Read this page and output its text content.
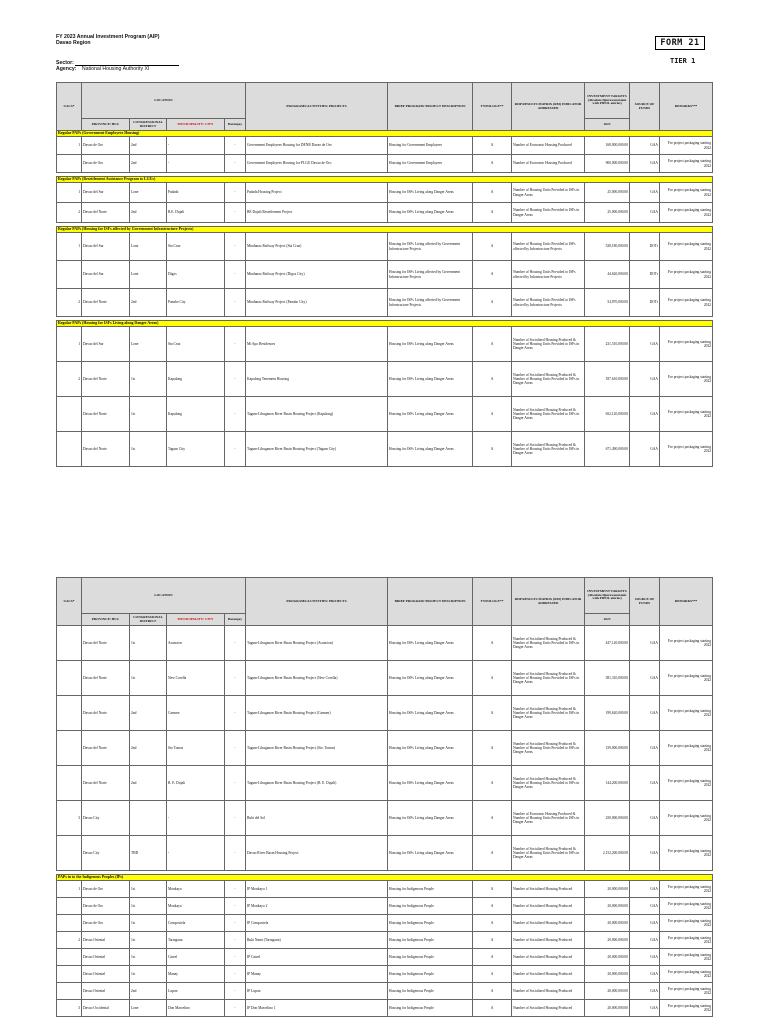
FY 2023 Annual Investment Program (AIP)
Davao Region
Sector:
Agency: National Housing Authority XI
FORM 21
TIER 1
UACS*	LOCATION				PROGRAMS/ACTIVITIES/ PROJECTS	BRIEF PROGRAM/ PROJECT DESCRIPTION	TYPOLOGY**	RDP RESULTS MATRIX (RM) INDICATOR ADDRESSED	INVESTMENT TARGETS (Absolute figure/consistent with PIPOL entries)	SOURCE OF FUNDS	REMARKS***
	PROVINCE/ HUC	CONGRESSIONAL DISTRICT	MUNICIPALITY/ CITY	Barangay					2023		
Regular PAPs (Government Employees Housing)											
1	Davao de Oro	2nd	-	-	Government Employees Housing for DENR Davao de Oro	Housing for Government Employees	A	Number of Economic Housing Produced	168,000,000.00	GAA	For project packaging starting 2022
	Davao de Oro	2nd	-	-	Government Employees Housing for PLGU Davao de Oro	Housing for Government Employees	A	Number of Economic Housing Produced	900,000,000.00	GAA	For project packaging starting 2022

Regular PAPs (Resettlement Assistance Program to LGUs)											
1	Davao del Sur	Lone	Padada	-	Padada Housing Project	Housing for ISFs Living along Danger Areas	A	Number of Housing Units Provided to ISFs in Danger Areas	25,000,000.00	GAA	For project packaging starting 2022
2	Davao del Norte	2nd	B.E. Dujali	-	BE Dujali Resettlement Project	Housing for ISFs Living along Danger Areas	A	Number of Housing Units Provided to ISFs in Danger Areas	25,000,000.00	GAA	For project packaging starting 2022

Regular PAPs (Housing for ISFs affected by Government Infrastructure Projects)											
1	Davao del Sur	Lone	Sta Cruz	-	Mindanao Railway Project (Sta Cruz)	Housing for ISFs Living affected by Government Infrastructure Projects	A	Number of Housing Units Provided to ISFs affected by Infrastructure Projects	528,180,000.00	DOTr	For project packaging starting 2022
	Davao del Sur	Lone	Digos	-	Mindanao Railway Project (Digos City)	Housing for ISFs Living affected by Government Infrastructure Projects	A	Number of Housing Units Provided to ISFs affected by Infrastructure Projects	44,620,000.00	DOTr	For project packaging starting 2022
2	Davao del Norte	2nd	Panabo City	-	Mindanao Railway Project (Panabo City)	Housing for ISFs Living affected by Government Infrastructure Projects	A	Number of Housing Units Provided to ISFs affected by Infrastructure Projects	54,870,000.00	DOTr	For project packaging starting 2022

Regular PAPs (Housing for ISFs Living along Danger Areas)											
1	Davao del Sur	Lone	Sta Cruz	-	Mt Apo Residences	Housing for ISFs Living along Danger Areas	A	Number of Socialized Housing Produced & Number of Housing Units Provided to ISFs in Danger Areas	231,510,000.00	GAA	For project packaging starting 2022
2	Davao del Norte	1st	Kapalong	-	Kapalong Tenement Housing	Housing for ISFs Living along Danger Areas	A	Number of Socialized Housing Produced & Number of Housing Units Provided to ISFs in Danger Areas	187,610,000.00	GAA	For project packaging starting 2022
	Davao del Norte	1st	Kapalong	-	Tagum-Libuganon River Basin Housing Project (Kapalong)	Housing for ISFs Living along Danger Areas	A	Number of Socialized Housing Produced & Number of Housing Units Provided to ISFs in Danger Areas	652,120,000.00	GAA	For project packaging starting 2022
	Davao del Norte	1st	Tagum City	-	Tagum-Libuganon River Basin Housing Project (Tagum City)	Housing for ISFs Living along Danger Areas	A	Number of Socialized Housing Produced & Number of Housing Units Provided to ISFs in Danger Areas	671,490,000.00	GAA	For project packaging starting 2022
UACS*	LOCATION				PROGRAMS/ACTIVITIES/ PROJECTS	BRIEF PROGRAM/ PROJECT DESCRIPTION	TYPOLOGY**	RDP RESULTS MATRIX (RM) INDICATOR ADDRESSED	INVESTMENT TARGETS (Absolute figure/consistent with PIPOL entries)	SOURCE OF FUNDS	REMARKS***
	PROVINCE/ HUC	CONGRESSIONAL DISTRICT	MUNICIPALITY/ CITY	Barangay					2023		
	Davao del Norte	1st	Asuncion	-	Tagum-Libuganon River Basin Housing Project (Asuncion)	Housing for ISFs Living along Danger Areas	A	Number of Socialized Housing Produced & Number of Housing Units Provided to ISFs in Danger Areas	447,120,000.00	GAA	For project packaging starting 2022
	Davao del Norte	1st	New Corella	-	Tagum-Libuganon River Basin Housing Project (New Corella)	Housing for ISFs Living along Danger Areas	A	Number of Socialized Housing Produced & Number of Housing Units Provided to ISFs in Danger Areas	381,310,000.00	GAA	For project packaging starting 2022
	Davao del Norte	2nd	Carmen	-	Tagum-Libuganon River Basin Housing Project (Carmen)	Housing for ISFs Living along Danger Areas	A	Number of Socialized Housing Produced & Number of Housing Units Provided to ISFs in Danger Areas	199,620,000.00	GAA	For project packaging starting 2022
	Davao del Norte	2nd	Sto Tomas	-	Tagum-Libuganon River Basin Housing Project (Sto. Tomas)	Housing for ISFs Living along Danger Areas	A	Number of Socialized Housing Produced & Number of Housing Units Provided to ISFs in Danger Areas	159,000,000.00	GAA	For project packaging starting 2022
	Davao del Norte	2nd	B. E. Dujali	-	Tagum-Libuganon River Basin Housing Project (B. E. Dujali)	Housing for ISFs Living along Danger Areas	A	Number of Socialized Housing Produced & Number of Housing Units Provided to ISFs in Danger Areas	144,200,000.00	GAA	For project packaging starting 2022
3	Davao City		-	-	Buhi del Sol	Housing for ISFs Living along Danger Areas	A	Number of Economic Housing Produced & Number of Housing Units Provided to ISFs in Danger Areas	250,000,000.00	GAA	For project packaging starting 2022
	Davao City	TBD	-	-	Davao River Basin Housing Project	Housing for ISFs Living along Danger Areas	A	Number of Socialized Housing Produced & Number of Housing Units Provided to ISFs in Danger Areas	2,152,200,000.00	GAA	For project packaging starting 2022

PAPs in to the Indigenous Peoples (IPs)											
1	Davao de Oro	1st	Monkayo	-	IP Monkayo 1	Housing for Indigenous People	A	Number of Socialized Housing Produced	20,000,000.00	GAA	For project packaging starting 2022
	Davao de Oro	1st	Monkayo	-	IP Monkayo 2	Housing for Indigenous People	A	Number of Socialized Housing Produced	20,000,000.00	GAA	For project packaging starting 2022
	Davao de Oro	1st	Compostela	-	IP Compostela	Housing for Indigenous People	A	Number of Socialized Housing Produced	20,000,000.00	GAA	For project packaging starting 2022
2	Davao Oriental	1st	Tarragona	-	Buhi Nami (Tarragona)	Housing for Indigenous People	A	Number of Socialized Housing Produced	20,000,000.00	GAA	For project packaging starting 2022
	Davao Oriental	1st	Cateel	-	IP Cateel	Housing for Indigenous People	A	Number of Socialized Housing Produced	20,000,000.00	GAA	For project packaging starting 2022
	Davao Oriental	1st	Manay	-	IP Manay	Housing for Indigenous People	A	Number of Socialized Housing Produced	20,000,000.00	GAA	For project packaging starting 2022
	Davao Oriental	2nd	Lupon	-	IP Lupon	Housing for Indigenous People	A	Number of Socialized Housing Produced	20,000,000.00	GAA	For project packaging starting 2022
3	Davao Occidental	Lone	Don Marcelino	-	IP Don Marcelino 1	Housing for Indigenous People	A	Number of Socialized Housing Produced	20,000,000.00	GAA	For project packaging starting 2022
